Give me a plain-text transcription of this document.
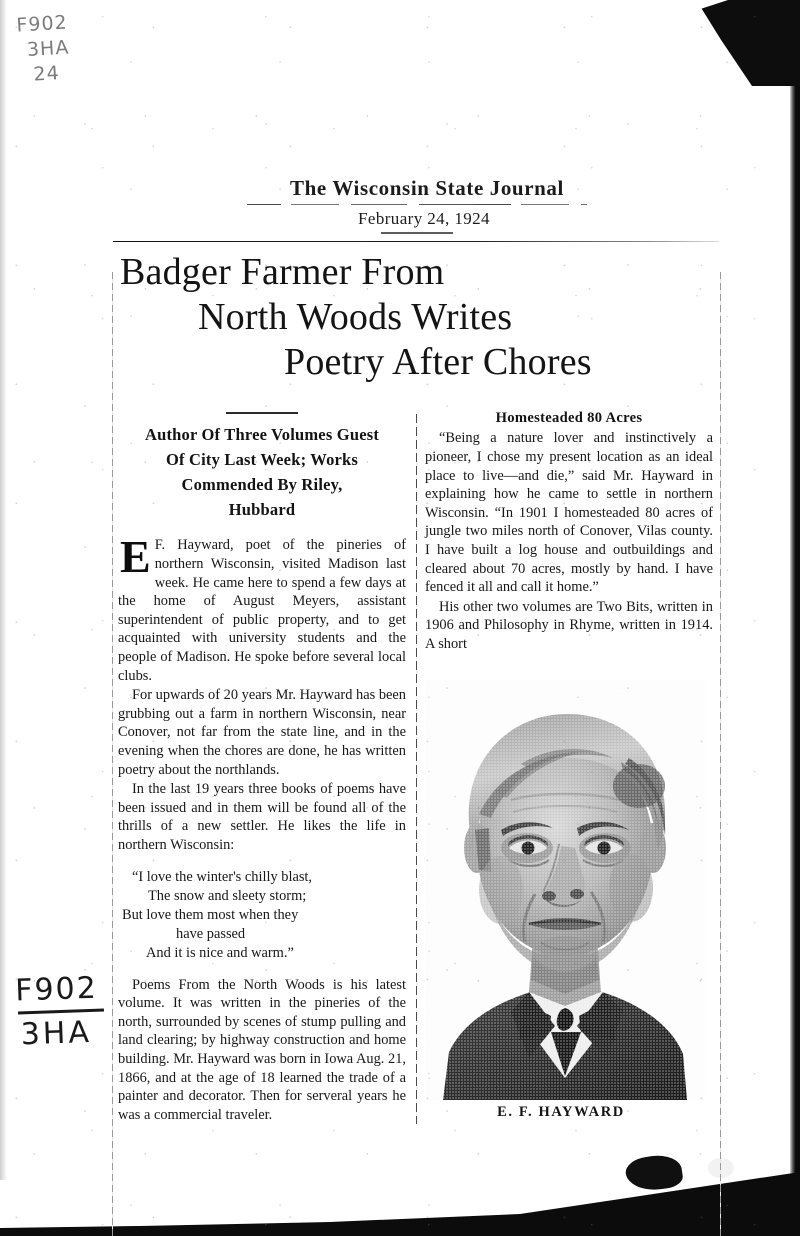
F902
3HA
24
F902
3HA
The Wisconsin State Journal
February 24, 1924
Badger Farmer From
North Woods Writes
Poetry After Chores
Author Of Three Volumes Guest
Of City Last Week; Works
Commended By Riley,
Hubbard

EF. Hayward, poet of the pineries of northern Wisconsin, visited Madison last week. He came here to spend a few days at the home of August Meyers, assistant superintendent of public property, and to get acquainted with university students and the people of Madison. He spoke before several local clubs.

For upwards of 20 years Mr. Hayward has been grubbing out a farm in northern Wisconsin, near Conover, not far from the state line, and in the evening when the chores are done, he has written poetry about the northlands.

In the last 19 years three books of poems have been issued and in them will be found all of the thrills of a new settler. He likes the life in northern Wisconsin:

“I love the winter's chilly blast,
The snow and sleety storm;
But love them most when they
have passed
And it is nice and warm.”

Poems From the North Woods is his latest volume. It was written in the pineries of the north, surrounded by scenes of stump pulling and land clearing; by highway construction and home building. Mr. Hayward was born in Iowa Aug. 21, 1866, and at the age of 18 learned the trade of a painter and decorator. Then for serveral years he was a commercial traveler.

Homesteaded 80 Acres

“Being a nature lover and instinctively a pioneer, I chose my present location as an ideal place to live—and die,” said Mr. Hayward in explaining how he came to settle in northern Wisconsin. “In 1901 I homesteaded 80 acres of jungle two miles north of Conover, Vilas county. I have built a log house and outbuildings and cleared about 70 acres, mostly by hand. I have fenced it all and call it home.”

His other two volumes are Two Bits, written in 1906 and Philosophy in Rhyme, written in 1914. A short

E. F. HAYWARD
